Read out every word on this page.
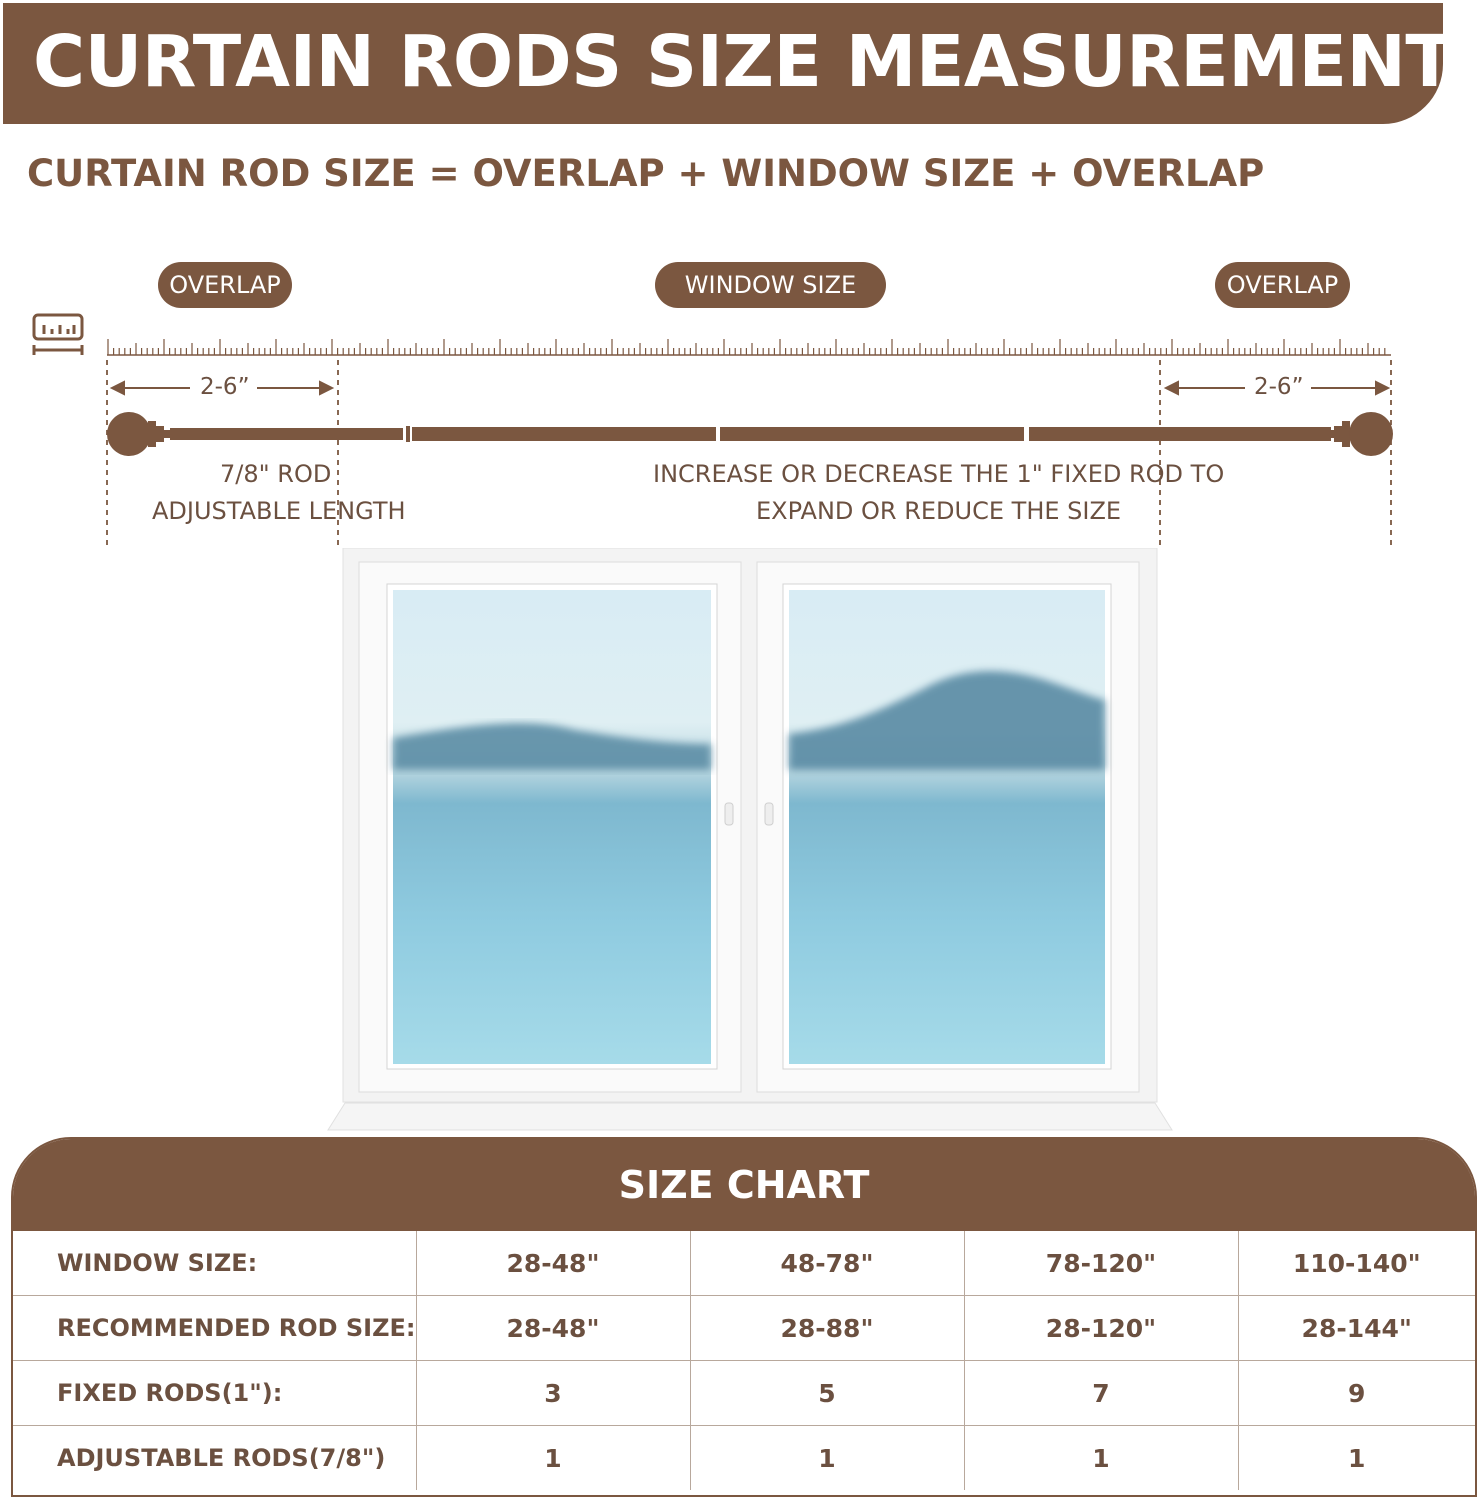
CURTAIN RODS SIZE MEASUREMENT
CURTAIN ROD SIZE = OVERLAP + WINDOW SIZE + OVERLAP
OVERLAP	WINDOW SIZE	OVERLAP
2-6”	2-6”
7/8" ROD
ADJUSTABLE LENGTH
INCREASE OR DECREASE THE 1" FIXED ROD TO
EXPAND OR REDUCE THE SIZE
SIZE CHART
WINDOW SIZE:	28-48"	48-78"	78-120"	110-140"
RECOMMENDED ROD SIZE:	28-48"	28-88"	28-120"	28-144"
FIXED RODS(1"):	3	5	7	9
ADJUSTABLE RODS(7/8")	1	1	1	1
